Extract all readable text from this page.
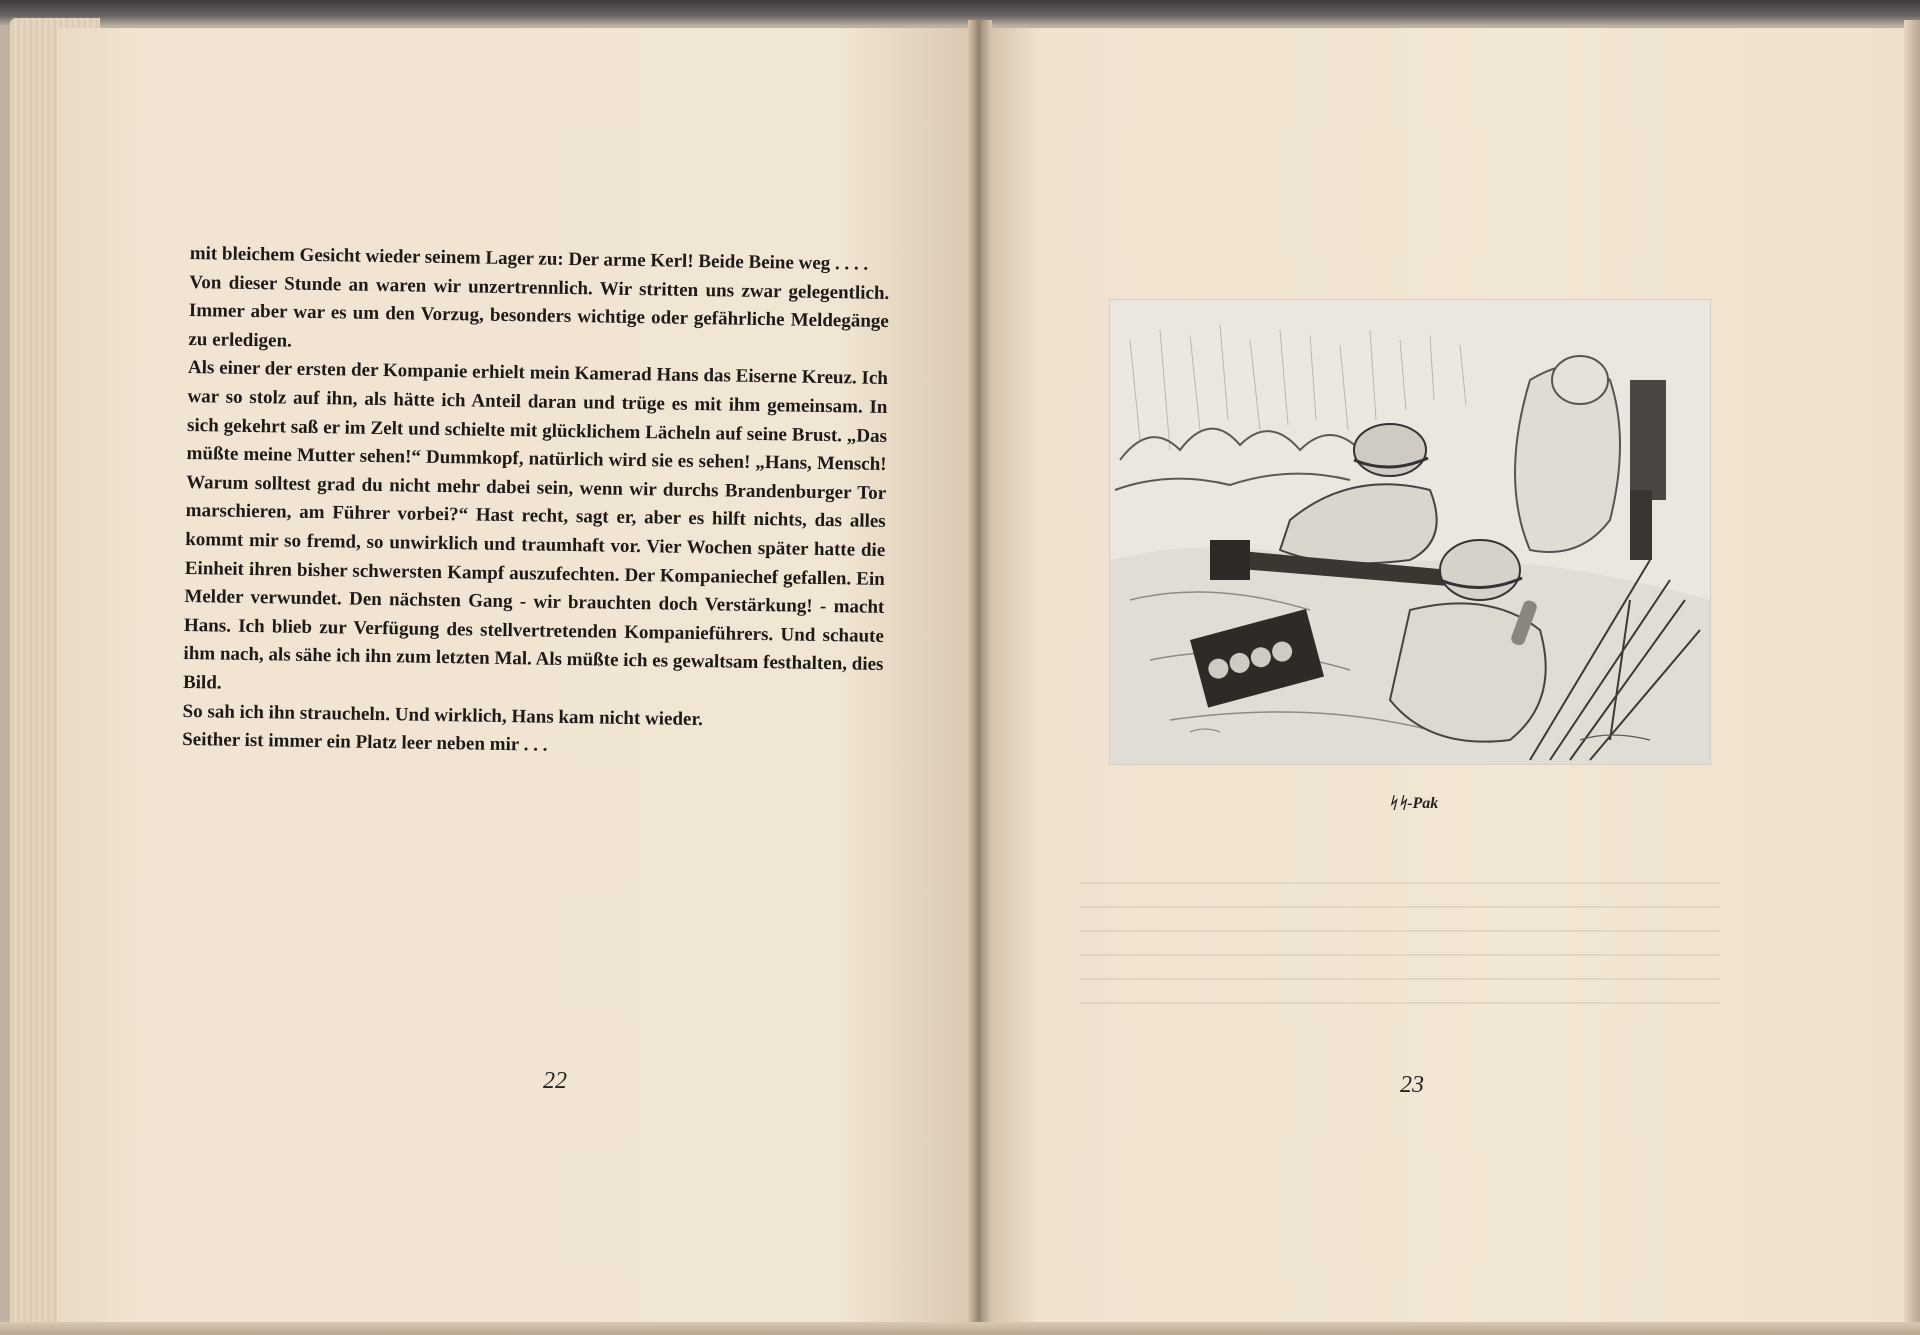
mit bleichem Gesicht wieder seinem Lager zu: Der arme Kerl! Beide Beine weg . . . .

Von dieser Stunde an waren wir unzertrennlich. Wir stritten uns zwar gelegentlich. Immer aber war es um den Vorzug, besonders wichtige oder gefährliche Meldegänge zu erledigen.

Als einer der ersten der Kompanie erhielt mein Kamerad Hans das Eiserne Kreuz. Ich war so stolz auf ihn, als hätte ich Anteil daran und trüge es mit ihm gemeinsam. In sich gekehrt saß er im Zelt und schielte mit glücklichem Lächeln auf seine Brust. „Das müßte meine Mutter sehen!“ Dummkopf, natürlich wird sie es sehen! „Hans, Mensch! Warum solltest grad du nicht mehr dabei sein, wenn wir durchs Brandenburger Tor marschieren, am Führer vorbei?“ Hast recht, sagt er, aber es hilft nichts, das alles kommt mir so fremd, so unwirklich und traumhaft vor. Vier Wochen später hatte die Einheit ihren bisher schwersten Kampf auszufechten. Der Kompaniechef gefallen. Ein Melder verwundet. Den nächsten Gang - wir brauchten doch Verstärkung! - macht Hans. Ich blieb zur Verfügung des stellvertretenden Kompanieführers. Und schaute ihm nach, als sähe ich ihn zum letzten Mal. Als müßte ich es gewaltsam festhalten, dies Bild.

So sah ich ihn straucheln. Und wirklich, Hans kam nicht wieder.

Seither ist immer ein Platz leer neben mir . . .

22
ᛋᛋ-Pak
23
